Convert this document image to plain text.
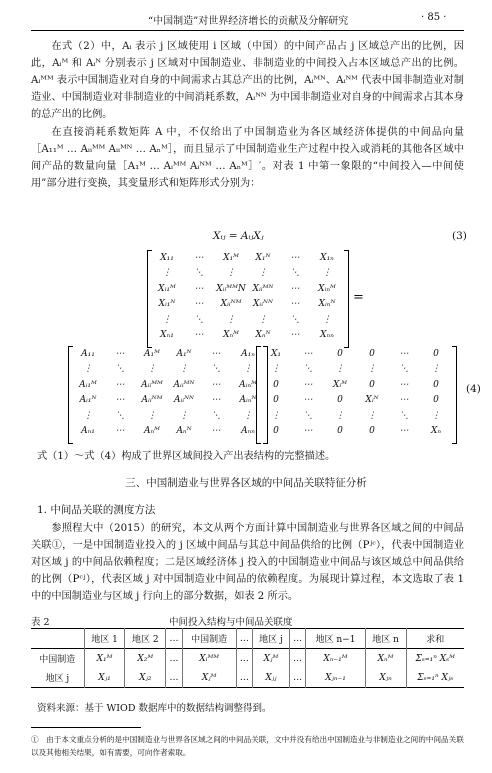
“中国制造”对世界经济增长的贡献及分解研究	· 85 ·
在式（2）中，Aᵢ 表示 j 区域使用 i 区域（中国）的中间产品占 j 区域总产出的比例，因此，Aᵢᴹ 和 Aᵢᴺ 分别表示 j 区域对中国制造业、非制造业的中间投入占本区域总产出的比例。Aᵢᴹᴹ 表示中国制造业对自身的中间需求占其总产出的比例，Aᵢᴹᴺ、Aᵢᴺᴹ 代表中国非制造业对制造业、中国制造业对非制造业的中间消耗系数，Aᵢᴺᴺ 为中国非制造业对自身的中间需求占其本身的总产出的比例。
在直接消耗系数矩阵 A 中，不仅给出了中国制造业为各区域经济体提供的中间品向量［A₁₁ᴹ … Aᵢᵢᴹᴹ Aᵢᵢᴹᴺ … Aₙᴹ］，而且显示了中国制造业生产过程中投入或消耗的其他各区域中间产品的数量向量［A₁ᴹ … Aᵢᴹᴹ Aᵢᴺᴹ … Aₙᴹ］′。对表 1 中第一象限的“中间投入—中间使用”部分进行变换，其变量形式和矩阵形式分别为：
Xᵢⱼ = AᵢⱼXⱼ	(3)
X₁₁	⋯	X₁ᴹ	X₁ᴺ	⋯	X₁ₙ
⋮	⋱	⋮	⋮	⋱	⋮
Xᵢ₁ᴹ	⋯	XᵢᵢᴹᴹN	Xᵢᵢᴹᴺ	⋯	Xᵢₙᴹ
Xᵢ₁ᴺ	⋯	Xᵢᵢᴺᴹ	Xᵢᵢᴺᴺ	⋯	Xᵢₙᴺ
⋮	⋱	⋮	⋮	⋱	⋮
Xₙ₁	⋯	Xₙᴹ	Xₙᴺ	⋯	Xₙₙ
=
A₁₁	⋯	A₁ᴹ	A₁ᴺ	⋯	A₁ₙ
⋮	⋱	⋮	⋮	⋱	⋮
Aᵢ₁ᴹ	⋯	Aᵢᵢᴹᴹ	Aᵢᵢᴹᴺ	⋯	Aᵢₙᴹ
Aᵢ₁ᴺ	⋯	Aᵢᵢᴺᴹ	Aᵢᵢᴺᴺ	⋯	Aᵢₙᴺ
⋮	⋱	⋮	⋮	⋱	⋮
Aₙ₁	⋯	Aₙᴹ	Aₙᴺ	⋯	Aₙₙ
X₁	⋯	0	0	⋯	0
⋮	⋱	⋮	⋮	⋱	⋮
0	⋯	Xᵢᴹ	0	⋯	0
0	⋯	0	Xᵢᴺ	⋯	0
⋮	⋱	⋮	⋮	⋱	⋮
0	⋯	0	0	⋯	Xₙ
(4)
式（1）～式（4）构成了世界区域间投入产出表结构的完整描述。
三、中国制造业与世界各区域的中间品关联特征分析
1. 中间品关联的测度方法
参照程大中（2015）的研究，本文从两个方面计算中国制造业与世界各区域之间的中间品关联①，一是中国制造业投入的 j 区域中间品与其总中间品供给的比例（Pʲᶜ），代表中国制造业对区域 j 的中间品依赖程度；二是区域经济体 j 投入的中国制造业中间品与该区域总中间品供给的比例（Pᶜʲ），代表区域 j 对中国制造业中间品的依赖程度。为展现计算过程，本文选取了表 1 中的中国制造业与区域 j 行向上的部分数据，如表 2 所示。
表 2	中间投入结构与中间品关联度
	地区 1	地区 2	…	中国制造	…	地区 j	…	地区 n−1	地区 n	求和
中国制造	X₁ᴹ	X₂ᴹ	…	Xᵢᴹᴹ	…	Xⱼᴹ	…	Xₙ₋₁ᴹ	Xₙᴹ	Σₛ₌₁ⁿ Xₛᴹ
地区 j	Xⱼ₁	Xⱼ₂	…	Xⱼᴹ	…	Xⱼⱼ	…	Xⱼₙ₋₁	Xⱼₙ	Σₛ₌₁ⁿ Xⱼₛ
资料来源：基于 WIOD 数据库中的数据结构调整得到。
①　由于本文重点分析的是中国制造业与世界各区域之间的中间品关联，文中并没有给出中国制造业与非制造业之间的中间品关联以及其他相关结果，如有需要，可向作者索取。
